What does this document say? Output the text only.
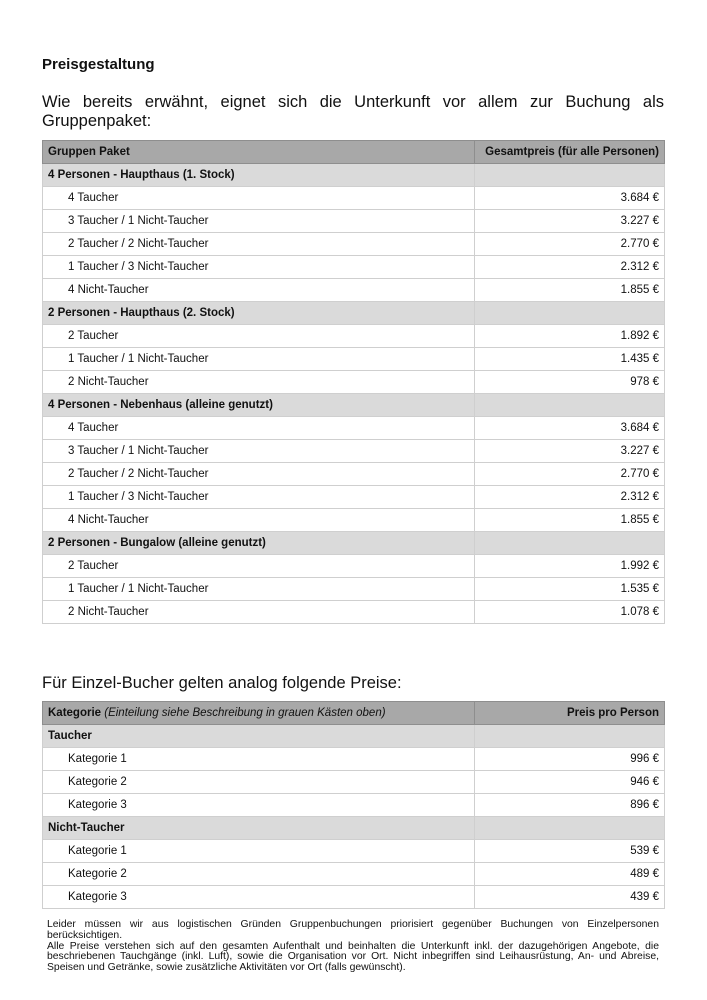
Preisgestaltung

Wie bereits erwähnt, eignet sich die Unterkunft vor allem zur Buchung als Gruppenpaket:

Gruppen Paket	Gesamtpreis (für alle Personen)
4 Personen - Haupthaus (1. Stock)	
4 Taucher	3.684 €
3 Taucher / 1 Nicht-Taucher	3.227 €
2 Taucher / 2 Nicht-Taucher	2.770 €
1 Taucher / 3 Nicht-Taucher	2.312 €
4 Nicht-Taucher	1.855 €
2 Personen - Haupthaus (2. Stock)	
2 Taucher	1.892 €
1 Taucher / 1 Nicht-Taucher	1.435 €
2 Nicht-Taucher	978 €
4 Personen - Nebenhaus (alleine genutzt)	
4 Taucher	3.684 €
3 Taucher / 1 Nicht-Taucher	3.227 €
2 Taucher / 2 Nicht-Taucher	2.770 €
1 Taucher / 3 Nicht-Taucher	2.312 €
4 Nicht-Taucher	1.855 €
2 Personen - Bungalow (alleine genutzt)	
2 Taucher	1.992 €
1 Taucher / 1 Nicht-Taucher	1.535 €
2 Nicht-Taucher	1.078 €

Für Einzel-Bucher gelten analog folgende Preise:

Kategorie (Einteilung siehe Beschreibung in grauen Kästen oben)	Preis pro Person
Taucher	
Kategorie 1	996 €
Kategorie 2	946 €
Kategorie 3	896 €
Nicht-Taucher	
Kategorie 1	539 €
Kategorie 2	489 €
Kategorie 3	439 €

Leider müssen wir aus logistischen Gründen Gruppenbuchungen priorisiert gegenüber Buchungen von Einzelpersonen berücksichtigen.

Alle Preise verstehen sich auf den gesamten Aufenthalt und beinhalten die Unterkunft inkl. der dazugehörigen Angebote, die beschriebenen Tauchgänge (inkl. Luft), sowie die Organisation vor Ort. Nicht inbegriffen sind Leihausrüstung, An- und Abreise, Speisen und Getränke, sowie zusätzliche Aktivitäten vor Ort (falls gewünscht).
